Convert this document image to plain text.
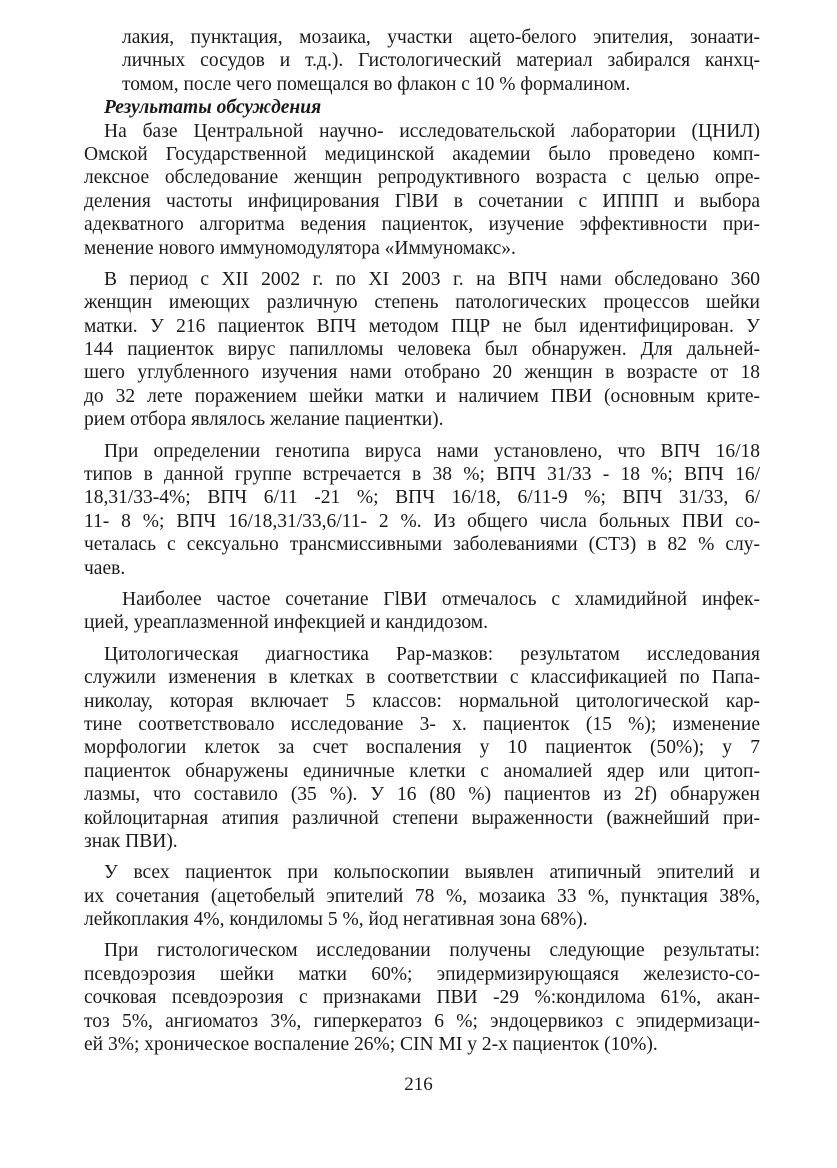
лакия, пунктация, мозаика, участки ацето-белого эпителия, зонаати-
личных сосудов и т.д.). Гистологический материал забирался канхц-
томом, после чего помещался во флакон с 10 % формалином.
Результаты обсуждения
На базе Центральной научно- исследовательской лаборатории (ЦНИЛ)
Омской Государственной медицинской академии было проведено комп-
лексное обследование женщин репродуктивного возраста с целью опре-
деления частоты инфицирования ГlВИ в сочетании с ИППП и выбора
адекватного алгоритма ведения пациенток, изучение эффективности при-
менение нового иммуномодулятора «Иммуномакс».
В период с XII 2002 г. по XI 2003 г. на ВПЧ нами обследовано 360
женщин имеющих различную степень патологических процессов шейки
матки. У 216 пациенток ВПЧ методом ПЦР не был идентифицирован. У
144 пациенток вирус папилломы человека был обнаружен. Для дальней-
шего углубленного изучения нами отобрано 20 женщин в возрасте от 18
до 32 лете поражением шейки матки и наличием ПВИ (основным крите-
рием отбора являлось желание пациентки).
При определении генотипа вируса нами установлено, что ВПЧ 16/18
типов в данной группе встречается в 38 %; ВПЧ 31/33 - 18 %; ВПЧ 16/
18,31/33-4%; ВПЧ 6/11 -21 %; ВПЧ 16/18, 6/11-9 %; ВПЧ 31/33, 6/
11- 8 %; ВПЧ 16/18,31/33,6/11- 2 %. Из общего числа больных ПВИ со-
четалась с сексуально трансмиссивными заболеваниями (СТЗ) в 82 % слу-
чаев.
Наиболее частое сочетание ГlВИ отмечалось с хламидийной инфек-
цией, уреаплазменной инфекцией и кандидозом.
Цитологическая диагностика Рар-мазков: результатом исследования
служили изменения в клетках в соответствии с классификацией по Папа-
николау, которая включает 5 классов: нормальной цитологической кар-
тине соответствовало исследование 3- х. пациенток (15 %); изменение
морфологии клеток за счет воспаления у 10 пациенток (50%); у 7
пациенток обнаружены единичные клетки с аномалией ядер или цитоп-
лазмы, что составило (35 %). У 16 (80 %) пациентов из 2f) обнаружен
койлоцитарная атипия различной степени выраженности (важнейший при-
знак ПВИ).
У всех пациенток при кольпоскопии выявлен атипичный эпителий и
их сочетания (ацетобелый эпителий 78 %, мозаика 33 %, пунктация 38%,
лейкоплакия 4%, кондиломы 5 %, йод негативная зона 68%).
При гистологическом исследовании получены следующие результаты:
псевдоэрозия шейки матки 60%; эпидермизирующаяся железисто-со-
сочковая псевдоэрозия с признаками ПВИ -29 %:кондилома 61%, акан-
тоз 5%, ангиоматоз 3%, гиперкератоз 6 %; эндоцервикоз с эпидермизаци-
ей 3%; хроническое воспаление 26%; CIN MI у 2-х пациенток (10%).
216
